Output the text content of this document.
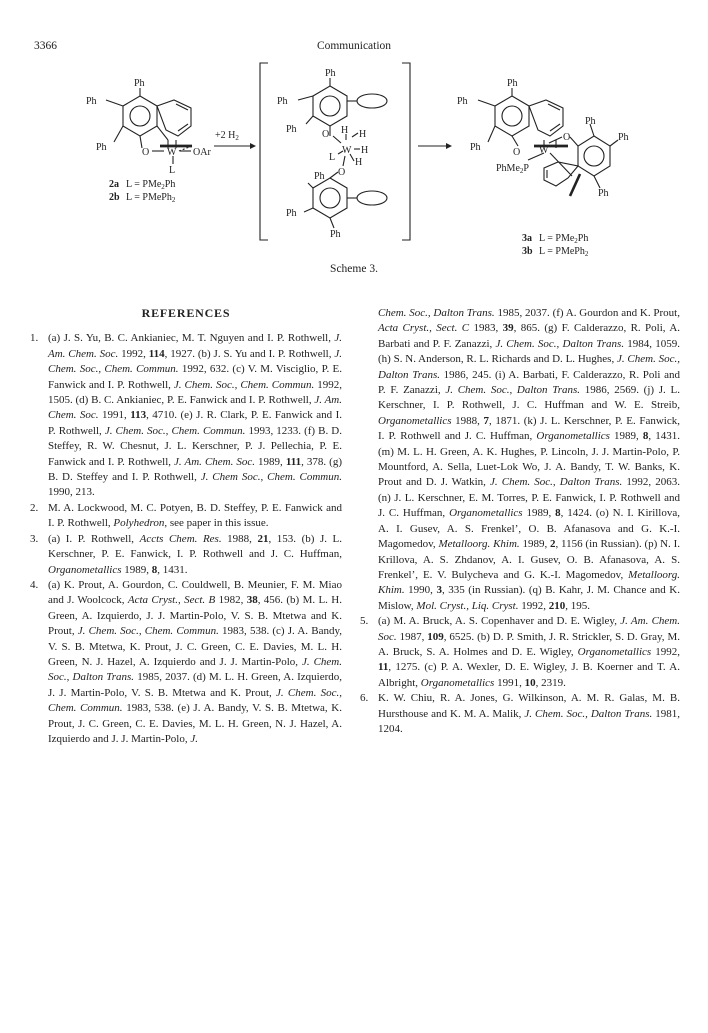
3366	Communication
Ph
Ph
Ph	O W OAr
L
2a L = PMe$_2$Ph
2b L = PMePh$_2$
+2 $H_2$
Ph
Ph
Ph	O H H
W H
L H
O
Ph
Ph
Ph
Ph
Ph
Ph	O W
O
Ph
Ph
Ph
PhMe$_2$P
3a L = PMe$_2$Ph
3b L = PMePh$_2$
Scheme 3.
REFERENCES
1. (a) J. S. Yu, B. C. Ankianiec, M. T. Nguyen and I. P. Rothwell, J. Am. Chem. Soc. 1992, 114, 1927. (b) J. S. Yu and I. P. Rothwell, J. Chem. Soc., Chem. Commun. 1992, 632. (c) V. M. Visciglio, P. E. Fanwick and I. P. Rothwell, J. Chem. Soc., Chem. Commun. 1992, 1505. (d) B. C. Ankianiec, P. E. Fanwick and I. P. Rothwell, J. Am. Chem. Soc. 1991, 113, 4710. (e) J. R. Clark, P. E. Fanwick and I. P. Rothwell, J. Chem. Soc., Chem. Commun. 1993, 1233. (f) B. D. Steffey, R. W. Chesnut, J. L. Kerschner, P. J. Pellechia, P. E. Fanwick and I. P. Rothwell, J. Am. Chem. Soc. 1989, 111, 378. (g) B. D. Steffey and I. P. Rothwell, J. Chem Soc., Chem. Commun. 1990, 213.
2. M. A. Lockwood, M. C. Potyen, B. D. Steffey, P. E. Fanwick and I. P. Rothwell, Polyhedron, see paper in this issue.
3. (a) I. P. Rothwell, Accts Chem. Res. 1988, 21, 153. (b) J. L. Kerschner, P. E. Fanwick, I. P. Rothwell and J. C. Huffman, Organometallics 1989, 8, 1431.
4. (a) K. Prout, A. Gourdon, C. Couldwell, B. Meunier, F. M. Miao and J. Woolcock, Acta Cryst., Sect. B 1982, 38, 456. (b) M. L. H. Green, A. Izquierdo, J. J. Martin-Polo, V. S. B. Mtetwa and K. Prout, J. Chem. Soc., Chem. Commun. 1983, 538. (c) J. A. Bandy, V. S. B. Mtetwa, K. Prout, J. C. Green, C. E. Davies, M. L. H. Green, N. J. Hazel, A. Izquierdo and J. J. Martin-Polo, J. Chem. Soc., Dalton Trans. 1985, 2037. (d) M. L. H. Green, A. Izquierdo, J. J. Martin-Polo, V. S. B. Mtetwa and K. Prout, J. Chem. Soc., Chem. Commun. 1983, 538. (e) J. A. Bandy, V. S. B. Mtetwa, K. Prout, J. C. Green, C. E. Davies, M. L. H. Green, N. J. Hazel, A. Izquierdo and J. J. Martin-Polo, J.
Chem. Soc., Dalton Trans. 1985, 2037. (f) A. Gourdon and K. Prout, Acta Cryst., Sect. C 1983, 39, 865. (g) F. Calderazzo, R. Poli, A. Barbati and P. F. Zanazzi, J. Chem. Soc., Dalton Trans. 1984, 1059. (h) S. N. Anderson, R. L. Richards and D. L. Hughes, J. Chem. Soc., Dalton Trans. 1986, 245. (i) A. Barbati, F. Calderazzo, R. Poli and P. F. Zanazzi, J. Chem. Soc., Dalton Trans. 1986, 2569. (j) J. L. Kerschner, I. P. Rothwell, J. C. Huffman and W. E. Streib, Organometallics 1988, 7, 1871. (k) J. L. Kerschner, P. E. Fanwick, I. P. Rothwell and J. C. Huffman, Organometallics 1989, 8, 1431. (m) M. L. H. Green, A. K. Hughes, P. Lincoln, J. J. Martin-Polo, P. Mountford, A. Sella, Luet-Lok Wo, J. A. Bandy, T. W. Banks, K. Prout and D. J. Watkin, J. Chem. Soc., Dalton Trans. 1992, 2063. (n) J. L. Kerschner, E. M. Torres, P. E. Fanwick, I. P. Rothwell and J. C. Huffman, Organometallics 1989, 8, 1424. (o) N. I. Kirillova, A. I. Gusev, A. S. Frenkel’, O. B. Afanasova and G. K.-I. Magomedov, Metalloorg. Khim. 1989, 2, 1156 (in Russian). (p) N. I. Krillova, A. S. Zhdanov, A. I. Gusev, O. B. Afanasova, A. S. Frenkel’, E. V. Bulycheva and G. K.-I. Magomedov, Metalloorg. Khim. 1990, 3, 335 (in Russian). (q) B. Kahr, J. M. Chance and K. Mislow, Mol. Cryst., Liq. Cryst. 1992, 210, 195.
5. (a) M. A. Bruck, A. S. Copenhaver and D. E. Wigley, J. Am. Chem. Soc. 1987, 109, 6525. (b) D. P. Smith, J. R. Strickler, S. D. Gray, M. A. Bruck, S. A. Holmes and D. E. Wigley, Organometallics 1992, 11, 1275. (c) P. A. Wexler, D. E. Wigley, J. B. Koerner and T. A. Albright, Organometallics 1991, 10, 2319.
6. K. W. Chiu, R. A. Jones, G. Wilkinson, A. M. R. Galas, M. B. Hursthouse and K. M. A. Malik, J. Chem. Soc., Dalton Trans. 1981, 1204.
